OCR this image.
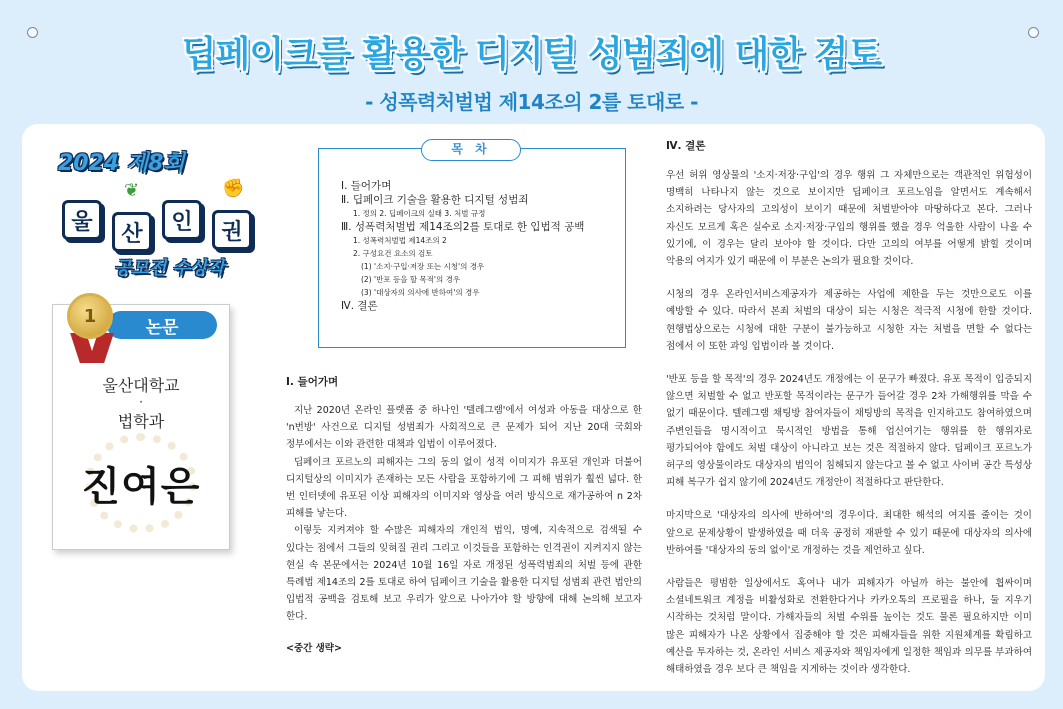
딥페이크를 활용한 디지털 성범죄에 대한 검토
- 성폭력처벌법 제14조의 2를 토대로 -
2024 제8회
울	산	인	권
❦	✊
공모전 수상작
논문
1
울산대학교
·
법학과
진여은
목 차
Ⅰ. 들어가며
Ⅱ. 딥페이크 기술을 활용한 디지털 성범죄
1. 정의 2. 딥페이크의 실태 3. 처벌 규정
Ⅲ. 성폭력처벌법 제14조의2를 토대로 한 입법적 공백
1. 성폭력처벌법 제14조의 2
2. 구성요건 요소의 검토
(1) '소지·구입·저장 또는 시청'의 경우
(2) '반포 등을 할 목적'의 경우
(3) '대상자의 의사에 반하여'의 경우
Ⅳ. 결론
Ⅰ. 들어가며

지난 2020년 온라인 플랫폼 중 하나인 '텔레그램'에서 여성과 아동을 대상으로 한 'n번방' 사건으로 디지털 성범죄가 사회적으로 큰 문제가 되어 지난 20대 국회와 정부에서는 이와 관련한 대책과 입법이 이루어졌다.

딥페이크 포르노의 피해자는 그의 동의 없이 성적 이미지가 유포된 개인과 더불어 디지털상의 이미지가 존재하는 모든 사람을 포함하기에 그 피해 범위가 훨씬 넓다. 한 번 인터넷에 유포된 이상 피해자의 이미지와 영상을 여러 방식으로 재가공하여 n 2차 피해를 낳는다.

이렇듯 지켜져야 할 수많은 피해자의 개인적 법익, 명예, 지속적으로 검색될 수 있다는 점에서 그들의 잊혀질 권리 그리고 이것들을 포함하는 인격권이 지켜지지 않는 현실 속 본문에서는 2024년 10월 16일 자로 개정된 성폭력범죄의 처벌 등에 관한 특례법 제14조의 2를 토대로 하여 딥페이크 기술을 활용한 디지털 성범죄 관련 법안의 입법적 공백을 검토해 보고 우리가 앞으로 나아가야 할 방향에 대해 논의해 보고자 한다.

<중간 생략>
Ⅳ. 결론

우선 허위 영상물의 '소지·저장·구입'의 경우 행위 그 자체만으로는 객관적인 위험성이 명백히 나타나지 않는 것으로 보이지만 딥페이크 포르노임을 알면서도 계속해서 소지하려는 당사자의 고의성이 보이기 때문에 처벌받아야 마땅하다고 본다. 그러나 자신도 모르게 혹은 실수로 소지·저장·구입의 행위를 했을 경우 억울한 사람이 나올 수 있기에, 이 경우는 달리 보아야 할 것이다. 다만 고의의 여부를 어떻게 밝힐 것이며 악용의 여지가 있기 때문에 이 부분은 논의가 필요할 것이다.

시청의 경우 온라인서비스제공자가 제공하는 사업에 제한을 두는 것만으로도 이를 예방할 수 있다. 따라서 본죄 처벌의 대상이 되는 시청은 적극적 시청에 한할 것이다. 현행법상으로는 시청에 대한 구분이 불가능하고 시청한 자는 처벌을 면할 수 없다는 점에서 이 또한 과잉 입법이라 볼 것이다.

'반포 등을 할 목적'의 경우 2024년도 개정에는 이 문구가 빠졌다. 유포 목적이 입증되지 않으면 처벌할 수 없고 반포할 목적이라는 문구가 들어갈 경우 2차 가해행위를 막을 수 없기 때문이다. 텔레그램 채팅방 참여자들이 채팅방의 목적을 인지하고도 참여하였으며 주변인들을 명시적이고 묵시적인 방법을 통해 업신여기는 행위를 한 행위자로 평가되어야 함에도 처벌 대상이 아니라고 보는 것은 적절하지 않다. 딥페이크 포르노가 허구의 영상물이라도 대상자의 법익이 침해되지 않는다고 볼 수 없고 사이버 공간 특성상 피해 복구가 쉽지 않기에 2024년도 개정안이 적절하다고 판단한다.

마지막으로 '대상자의 의사에 반하여'의 경우이다. 최대한 해석의 여지를 줄이는 것이 앞으로 문제상황이 발생하였을 때 더욱 공정히 재판할 수 있기 때문에 대상자의 의사에 반하여를 '대상자의 동의 없이'로 개정하는 것을 제언하고 싶다.

사람들은 평범한 일상에서도 혹여나 내가 피해자가 아닐까 하는 불안에 휩싸이며 소셜네트워크 계정을 비활성화로 전환한다거나 카카오톡의 프로필을 하나, 둘 지우기 시작하는 것처럼 말이다. 가해자들의 처벌 수위를 높이는 것도 물론 필요하지만 이미 많은 피해자가 나온 상황에서 집중해야 할 것은 피해자들을 위한 지원체계를 확립하고 예산을 투자하는 것, 온라인 서비스 제공자와 책임자에게 일정한 책임과 의무를 부과하여 해태하였을 경우 보다 큰 책임을 지게하는 것이라 생각한다.
